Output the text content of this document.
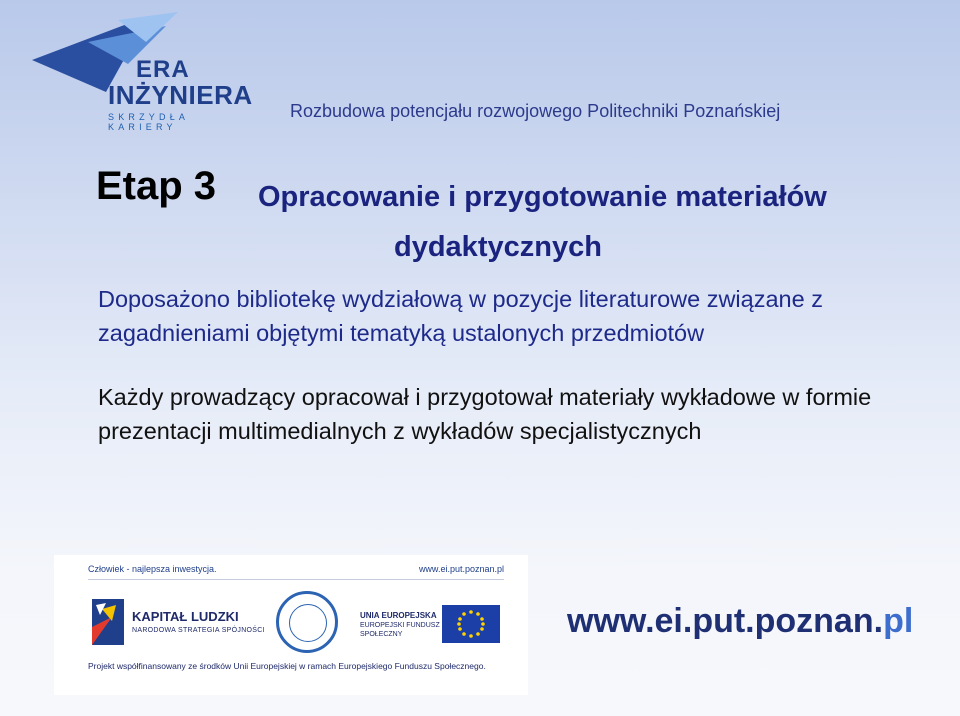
ERA
INŻYNIERA
SKRZYDŁA KARIERY
Rozbudowa potencjału rozwojowego Politechniki Poznańskiej
Etap 3 Opracowanie i przygotowanie materiałów
dydaktycznych
Doposażono bibliotekę wydziałową w pozycje literaturowe związane z zagadnieniami objętymi tematyką ustalonych przedmiotów
Każdy prowadzący opracował i przygotował materiały wykładowe w formie prezentacji multimedialnych z wykładów specjalistycznych
Człowiek - najlepsza inwestycja.	www.ei.put.poznan.pl
KAPITAŁ LUDZKI
NARODOWA STRATEGIA SPÓJNOŚCI
UNIA EUROPEJSKA
EUROPEJSKI FUNDUSZ SPOŁECZNY
Projekt współfinansowany ze środków Unii Europejskiej w ramach Europejskiego Funduszu Społecznego.
www.ei.put.poznan.pl
